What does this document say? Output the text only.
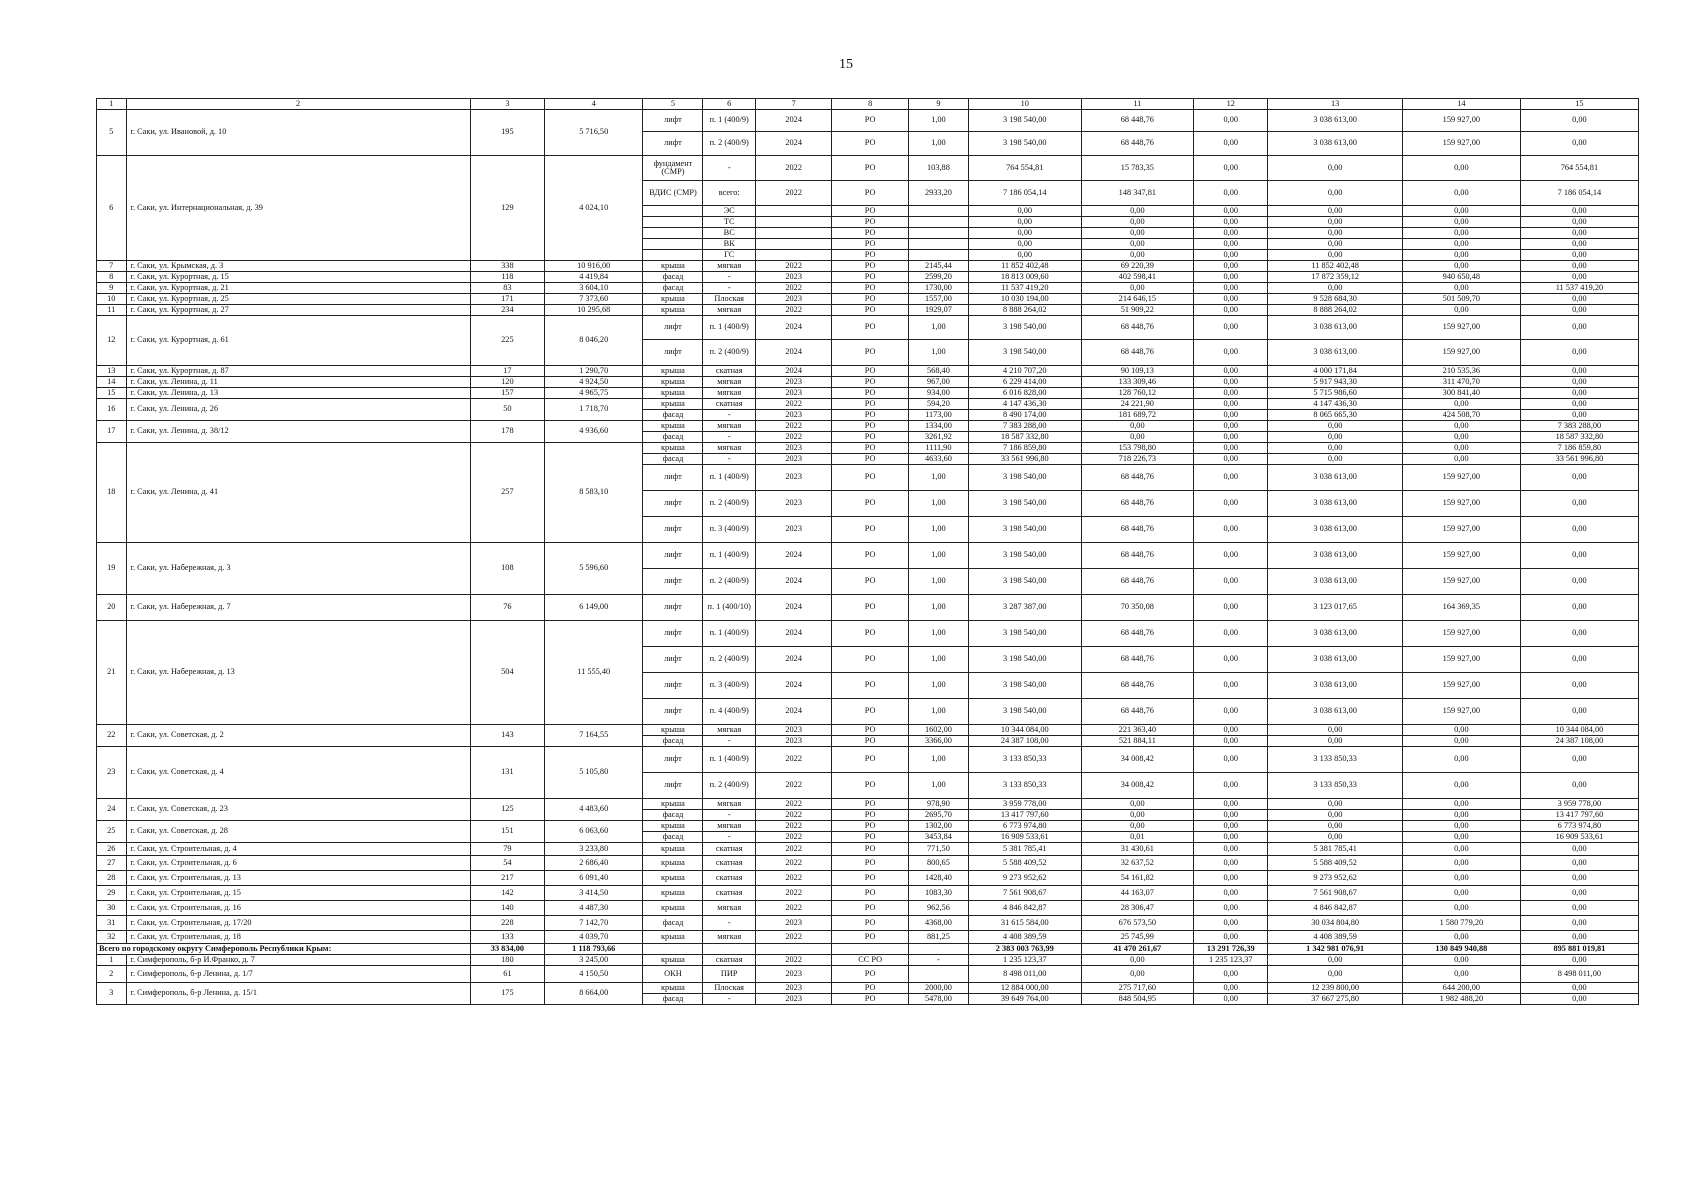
15
1	2	3	4	5	6	7	8	9	10	11	12	13	14	15
5	г. Саки, ул. Ивановой, д. 10	195	5 716,50	лифт	п. 1 (400/9)	2024	РО	1,00	3 198 540,00	68 448,76	0,00	3 038 613,00	159 927,00	0,00
				лифт	п. 2 (400/9)	2024	РО	1,00	3 198 540,00	68 448,76	0,00	3 038 613,00	159 927,00	0,00
6	г. Саки, ул. Интернациональная, д. 39	129	4 024,10	фундамент (СМР)	-	2022	РО	103,88	764 554,81	15 783,35	0,00	0,00	0,00	764 554,81
				ВДИС (СМР)	всего:	2022	РО	2933,20	7 186 054,14	148 347,81	0,00	0,00	0,00	7 186 054,14
					ЭС		РО		0,00	0,00	0,00	0,00	0,00	0,00
					ТС		РО		0,00	0,00	0,00	0,00	0,00	0,00
					ВС		РО		0,00	0,00	0,00	0,00	0,00	0,00
					ВК		РО		0,00	0,00	0,00	0,00	0,00	0,00
					ГС		РО		0,00	0,00	0,00	0,00	0,00	0,00
7	г. Саки, ул. Крымская, д. 3	338	10 916,00	крыша	мягкая	2022	РО	2145,44	11 852 402,48	69 220,39	0,00	11 852 402,48	0,00	0,00
8	г. Саки, ул. Курортная, д. 15	118	4 419,84	фасад	-	2023	РО	2599,20	18 813 009,60	402 598,41	0,00	17 872 359,12	940 650,48	0,00
9	г. Саки, ул. Курортная, д. 21	83	3 604,10	фасад	-	2022	РО	1730,00	11 537 419,20	0,00	0,00	0,00	0,00	11 537 419,20
10	г. Саки, ул. Курортная, д. 25	171	7 373,60	крыша	Плоская	2023	РО	1557,00	10 030 194,00	214 646,15	0,00	9 528 684,30	501 509,70	0,00
11	г. Саки, ул. Курортная, д. 27	234	10 295,68	крыша	мягкая	2022	РО	1929,07	8 888 264,02	51 909,22	0,00	8 888 264,02	0,00	0,00
12	г. Саки, ул. Курортная, д. 61	225	8 046,20	лифт	п. 1 (400/9)	2024	РО	1,00	3 198 540,00	68 448,76	0,00	3 038 613,00	159 927,00	0,00
				лифт	п. 2 (400/9)	2024	РО	1,00	3 198 540,00	68 448,76	0,00	3 038 613,00	159 927,00	0,00
13	г. Саки, ул. Курортная, д. 87	17	1 290,70	крыша	скатная	2024	РО	568,40	4 210 707,20	90 109,13	0,00	4 000 171,84	210 535,36	0,00
14	г. Саки, ул. Ленина, д. 11	120	4 924,50	крыша	мягкая	2023	РО	967,00	6 229 414,00	133 309,46	0,00	5 917 943,30	311 470,70	0,00
15	г. Саки, ул. Ленина, д. 13	157	4 965,75	крыша	мягкая	2023	РО	934,00	6 016 828,00	128 760,12	0,00	5 715 986,60	300 841,40	0,00
16	г. Саки, ул. Ленина, д. 26	50	1 718,70	крыша	скатная	2022	РО	594,20	4 147 436,30	24 221,90	0,00	4 147 436,30	0,00	0,00
				фасад	-	2023	РО	1173,00	8 490 174,00	181 689,72	0,00	8 065 665,30	424 508,70	0,00
17	г. Саки, ул. Ленина, д. 38/12	178	4 936,60	крыша	мягкая	2022	РО	1334,00	7 383 288,00	0,00	0,00	0,00	0,00	7 383 288,00
				фасад	-	2022	РО	3261,92	18 587 332,80	0,00	0,00	0,00	0,00	18 587 332,80
18	г. Саки, ул. Ленина, д. 41	257	8 583,10	крыша	мягкая	2023	РО	1111,90	7 186 859,80	153 798,80	0,00	0,00	0,00	7 186 859,80
				фасад	-	2023	РО	4633,60	33 561 996,80	718 226,73	0,00	0,00	0,00	33 561 996,80
				лифт	п. 1 (400/9)	2023	РО	1,00	3 198 540,00	68 448,76	0,00	3 038 613,00	159 927,00	0,00
				лифт	п. 2 (400/9)	2023	РО	1,00	3 198 540,00	68 448,76	0,00	3 038 613,00	159 927,00	0,00
				лифт	п. 3 (400/9)	2023	РО	1,00	3 198 540,00	68 448,76	0,00	3 038 613,00	159 927,00	0,00
19	г. Саки, ул. Набережная, д. 3	108	5 596,60	лифт	п. 1 (400/9)	2024	РО	1,00	3 198 540,00	68 448,76	0,00	3 038 613,00	159 927,00	0,00
				лифт	п. 2 (400/9)	2024	РО	1,00	3 198 540,00	68 448,76	0,00	3 038 613,00	159 927,00	0,00
20	г. Саки, ул. Набережная, д. 7	76	6 149,00	лифт	п. 1 (400/10)	2024	РО	1,00	3 287 387,00	70 350,08	0,00	3 123 017,65	164 369,35	0,00
21	г. Саки, ул. Набережная, д. 13	504	11 555,40	лифт	п. 1 (400/9)	2024	РО	1,00	3 198 540,00	68 448,76	0,00	3 038 613,00	159 927,00	0,00
				лифт	п. 2 (400/9)	2024	РО	1,00	3 198 540,00	68 448,76	0,00	3 038 613,00	159 927,00	0,00
				лифт	п. 3 (400/9)	2024	РО	1,00	3 198 540,00	68 448,76	0,00	3 038 613,00	159 927,00	0,00
				лифт	п. 4 (400/9)	2024	РО	1,00	3 198 540,00	68 448,76	0,00	3 038 613,00	159 927,00	0,00
22	г. Саки, ул. Советская, д. 2	143	7 164,55	крыша	мягкая	2023	РО	1602,00	10 344 084,00	221 363,40	0,00	0,00	0,00	10 344 084,00
				фасад	-	2023	РО	3366,00	24 387 108,00	521 884,11	0,00	0,00	0,00	24 387 108,00
23	г. Саки, ул. Советская, д. 4	131	5 105,80	лифт	п. 1 (400/9)	2022	РО	1,00	3 133 850,33	34 008,42	0,00	3 133 850,33	0,00	0,00
				лифт	п. 2 (400/9)	2022	РО	1,00	3 133 850,33	34 008,42	0,00	3 133 850,33	0,00	0,00
24	г. Саки, ул. Советская, д. 23	125	4 483,60	крыша	мягкая	2022	РО	978,90	3 959 778,00	0,00	0,00	0,00	0,00	3 959 778,00
				фасад	-	2022	РО	2695,70	13 417 797,60	0,00	0,00	0,00	0,00	13 417 797,60
25	г. Саки, ул. Советская, д. 28	151	6 063,60	крыша	мягкая	2022	РО	1302,00	6 773 974,80	0,00	0,00	0,00	0,00	6 773 974,80
				фасад	-	2022	РО	3453,84	16 909 533,61	0,01	0,00	0,00	0,00	16 909 533,61
26	г. Саки, ул. Строительная, д. 4	79	3 233,80	крыша	скатная	2022	РО	771,50	5 381 785,41	31 430,61	0,00	5 381 785,41	0,00	0,00
27	г. Саки, ул. Строительная, д. 6	54	2 686,40	крыша	скатная	2022	РО	800,65	5 588 409,52	32 637,52	0,00	5 588 409,52	0,00	0,00
28	г. Саки, ул. Строительная, д. 13	217	6 091,40	крыша	скатная	2022	РО	1428,40	9 273 952,62	54 161,82	0,00	9 273 952,62	0,00	0,00
29	г. Саки, ул. Строительная, д. 15	142	3 414,50	крыша	скатная	2022	РО	1083,30	7 561 908,67	44 163,07	0,00	7 561 908,67	0,00	0,00
30	г. Саки, ул. Строительная, д. 16	140	4 487,30	крыша	мягкая	2022	РО	962,56	4 846 842,87	28 306,47	0,00	4 846 842,87	0,00	0,00
31	г. Саки, ул. Строительная, д. 17/20	228	7 142,70	фасад	-	2023	РО	4368,00	31 615 584,00	676 573,50	0,00	30 034 804,80	1 580 779,20	0,00
32	г. Саки, ул. Строительная, д. 18	133	4 039,70	крыша	мягкая	2022	РО	881,25	4 408 389,59	25 745,99	0,00	4 408 389,59	0,00	0,00
Всего по городскому округу Симферополь Республики Крым:		33 834,00	1 118 793,66						2 383 003 763,99	41 470 261,67	13 291 726,39	1 342 981 076,91	130 849 940,88	895 881 019,81
1	г. Симферополь, б-р И.Франко, д. 7	180	3 245,00	крыша	скатная	2022	СС РО	-	1 235 123,37	0,00	1 235 123,37	0,00	0,00	0,00
2	г. Симферополь, б-р Ленина, д. 1/7	61	4 150,50	ОКН	ПИР	2023	РО		8 498 011,00	0,00	0,00	0,00	0,00	8 498 011,00
3	г. Симферополь, б-р Ленина, д. 15/1	175	8 664,00	крыша	Плоская	2023	РО	2000,00	12 884 000,00	275 717,60	0,00	12 239 800,00	644 200,00	0,00
				фасад	-	2023	РО	5478,00	39 649 764,00	848 504,95	0,00	37 667 275,80	1 982 488,20	0,00
